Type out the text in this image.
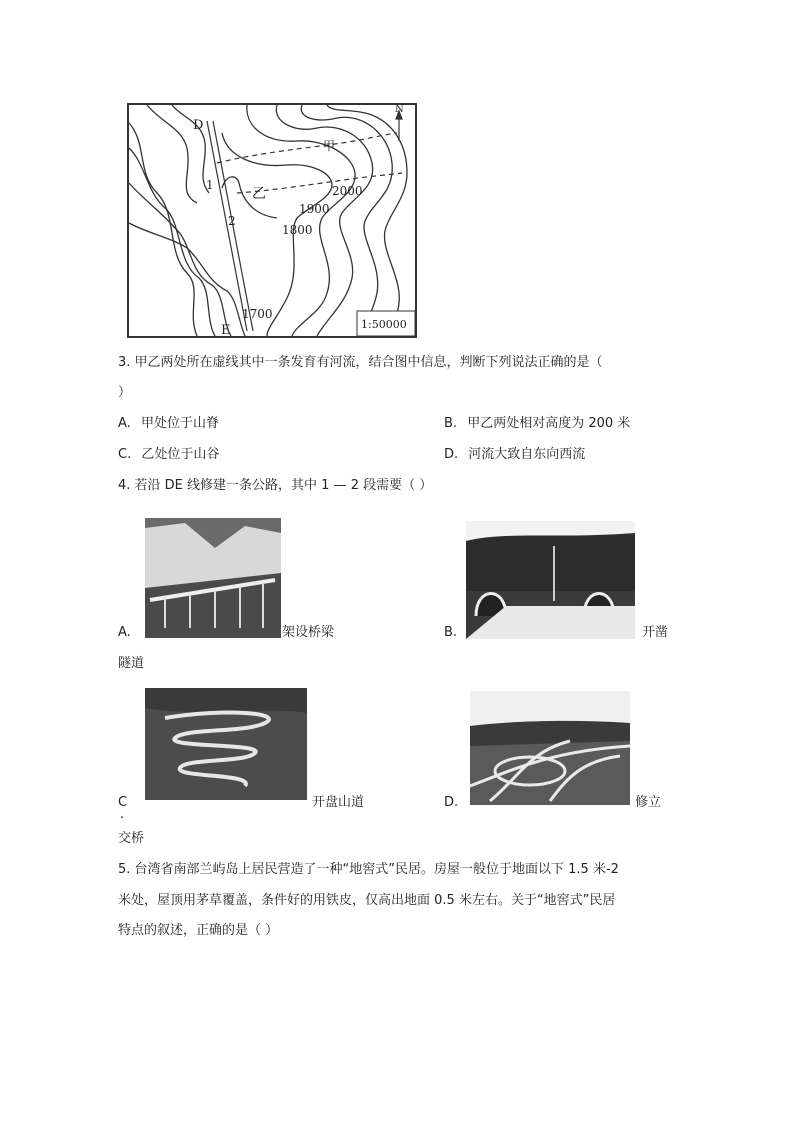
N
D
E
甲
乙
1
2
2000
1900
1800
1700
1:50000
3. 甲乙两处所在虚线其中一条发育有河流，结合图中信息，判断下列说法正确的是（
）
A. 甲处位于山脊	B. 甲乙两处相对高度为 200 米
C. 乙处位于山谷	D. 河流大致自东向西流
4. 若沿 DE 线修建一条公路，其中 1 — 2 段需要（ ）
A.	架设桥梁	B.	开凿
隧道
C
.
开盘山道	D.	修立
交桥
5. 台湾省南部兰屿岛上居民营造了一种“地窖式”民居。房屋一般位于地面以下 1.5 米-2
米处，屋顶用茅草覆盖，条件好的用铁皮，仅高出地面 0.5 米左右。关于“地窖式”民居
特点的叙述，正确的是（ ）
